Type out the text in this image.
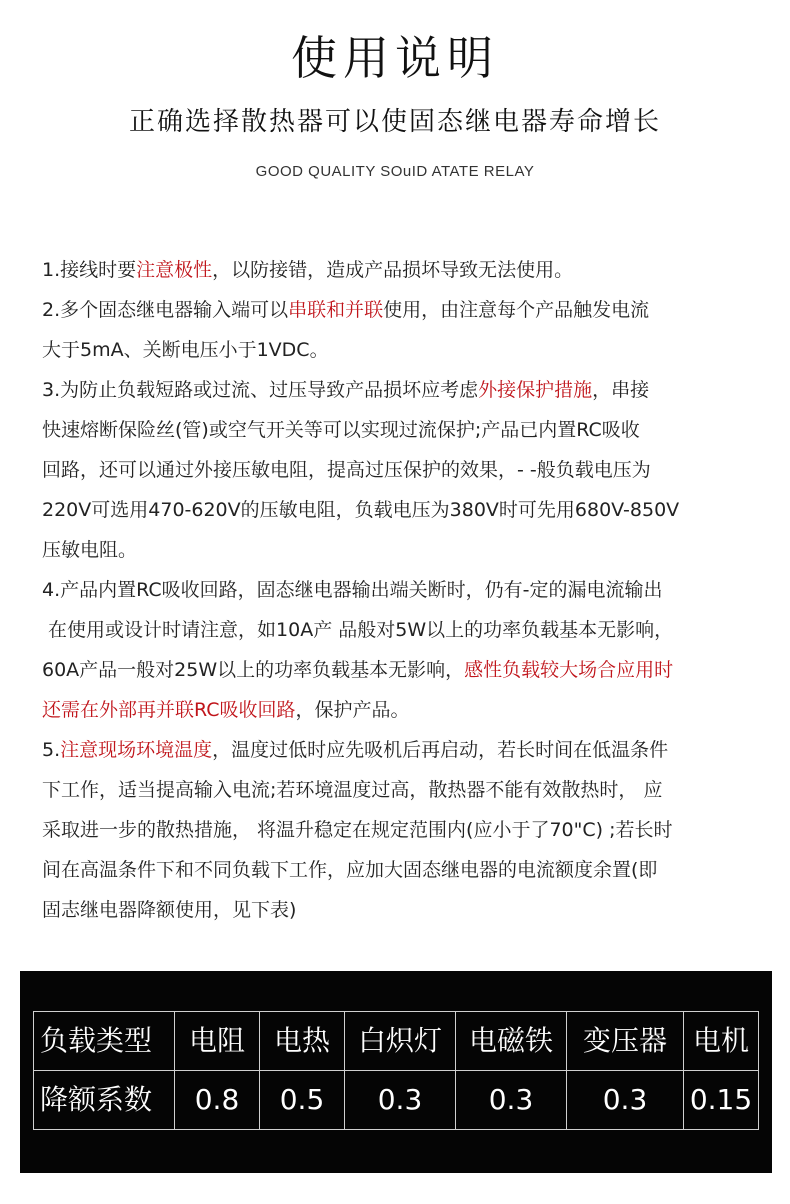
使用说明
正确选择散热器可以使固态继电器寿命增长
GOOD QUALITY SOuID ATATE RELAY
1.接线时要注意极性，以防接错，造成产品损坏导致无法使用。
2.多个固态继电器输入端可以串联和并联使用，由注意每个产品触发电流
大于5mA、关断电压小于1VDC。
3.为防止负载短路或过流、过压导致产品损坏应考虑外接保护措施，串接
快速熔断保险丝(管)或空气开关等可以实现过流保护;产品已内置RC吸收
回路，还可以通过外接压敏电阻，提高过压保护的效果，- -般负载电压为
220V可选用470-620V的压敏电阻，负载电压为380V时可先用680V-850V
压敏电阻。
4.产品内置RC吸收回路，固态继电器输出端关断时，仍有-定的漏电流输出
在使用或设计时请注意，如10A产 品般对5W以上的功率负载基本无影响，
60A产品一般对25W以上的功率负载基本无影响，感性负载较大场合应用时
还需在外部再并联RC吸收回路，保护产品。
5.注意现场环境温度，温度过低时应先吸机后再启动，若长时间在低温条件
下工作，适当提高输入电流;若环境温度过高，散热器不能有效散热时， 应
采取进一步的散热措施， 将温升稳定在规定范围内(应小于了70"C) ;若长时
间在高温条件下和不同负载下工作，应加大固态继电器的电流额度余置(即
固志继电器降额使用，见下表)
负载类型	电阻	电热	白炽灯	电磁铁	变压器	电机
降额系数	0.8	0.5	0.3	0.3	0.3	0.15
